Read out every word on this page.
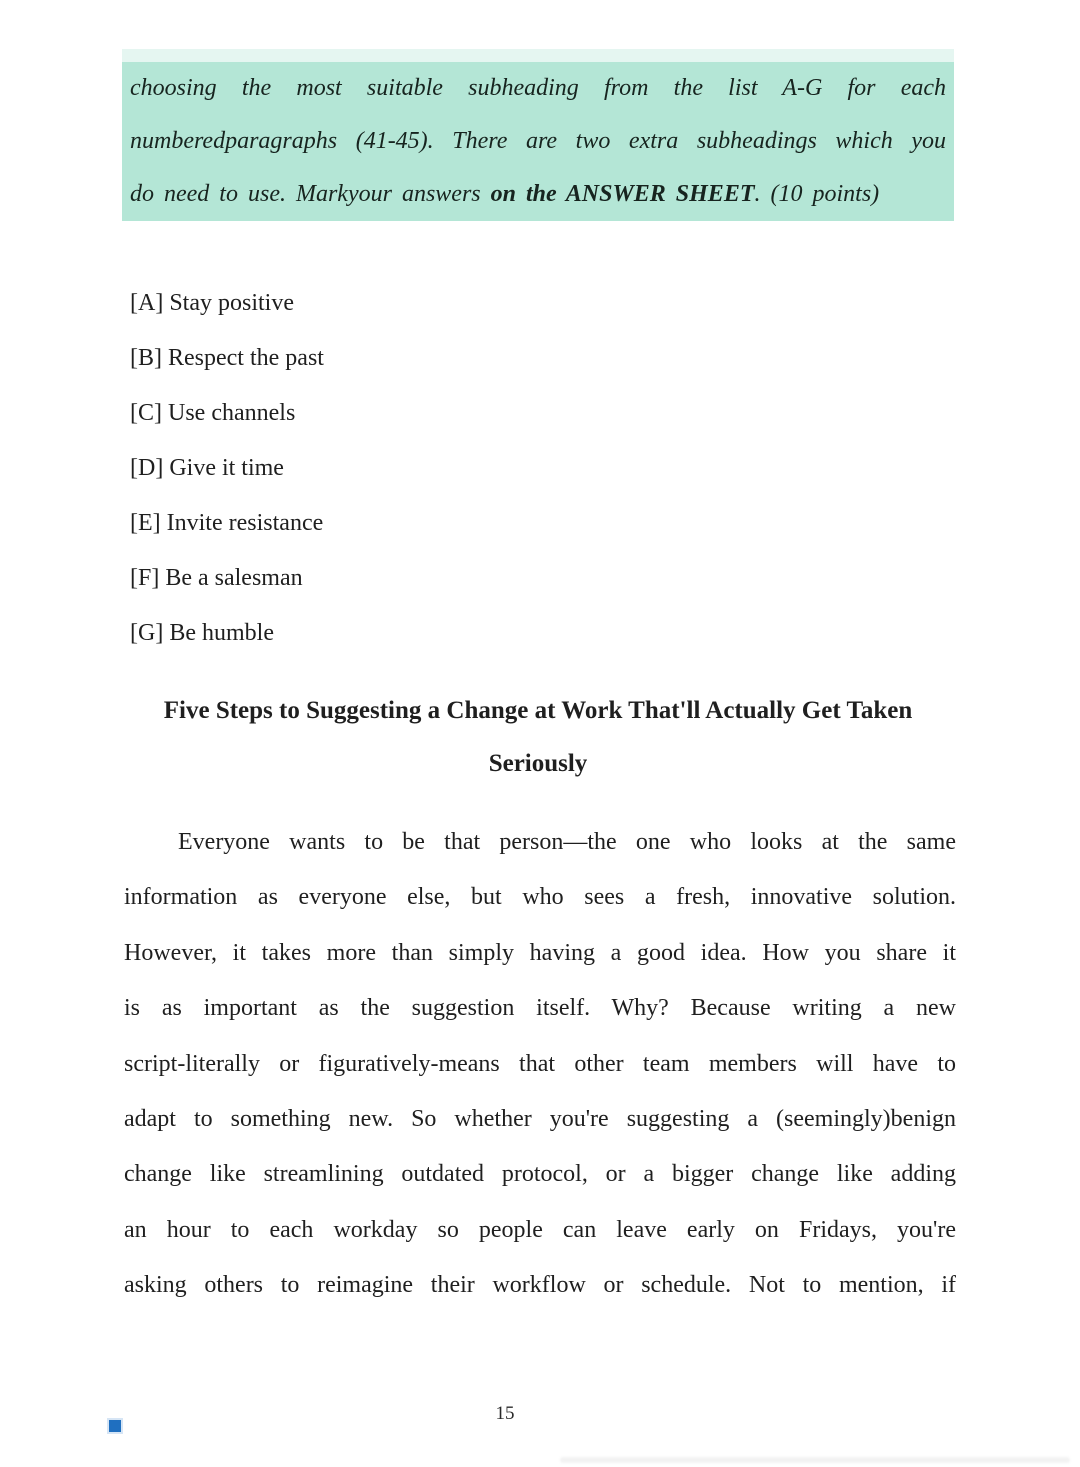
choosing the most suitable subheading from the list A-G for each
numberedparagraphs (41-45). There are two extra subheadings which you
do need to use. Markyour answers on the ANSWER SHEET. (10 points)
[A] Stay positive
[B] Respect the past
[C] Use channels
[D] Give it time
[E] Invite resistance
[F] Be a salesman
[G] Be humble
Five Steps to Suggesting a Change at Work That'll Actually Get Taken
Seriously
Everyone wants to be that person—the one who looks at the same
information as everyone else, but who sees a fresh, innovative solution.
However, it takes more than simply having a good idea. How you share it
is as important as the suggestion itself. Why? Because writing a new
script-literally or figuratively-means that other team members will have to
adapt to something new. So whether you're suggesting a (seemingly)benign
change like streamlining outdated protocol, or a bigger change like adding
an hour to each workday so people can leave early on Fridays, you're
asking others to reimagine their workflow or schedule. Not to mention, if
15
